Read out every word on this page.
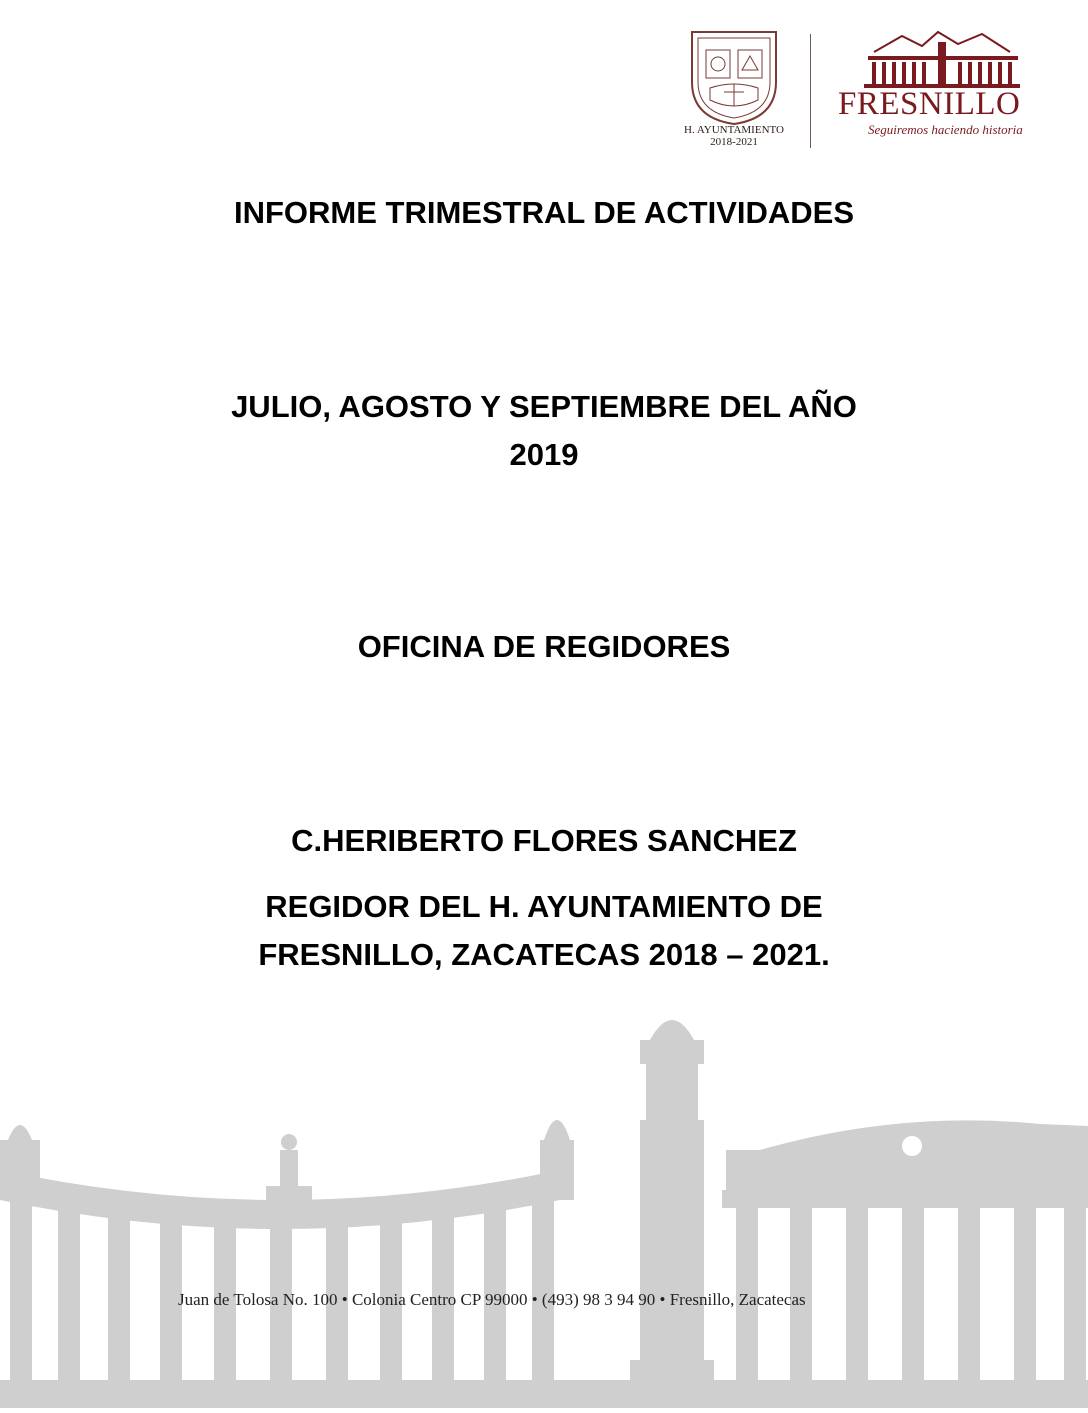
H. AYUNTAMIENTO
2018-2021
FRESNILLO
Seguiremos haciendo historia

INFORME TRIMESTRAL DE ACTIVIDADES

JULIO, AGOSTO Y SEPTIEMBRE DEL AÑO

2019

OFICINA DE REGIDORES

C.HERIBERTO FLORES SANCHEZ

REGIDOR DEL H. AYUNTAMIENTO DE

FRESNILLO, ZACATECAS 2018 – 2021.

Juan de Tolosa No. 100 • Colonia Centro CP 99000 • (493) 98 3 94 90 • Fresnillo, Zacatecas
